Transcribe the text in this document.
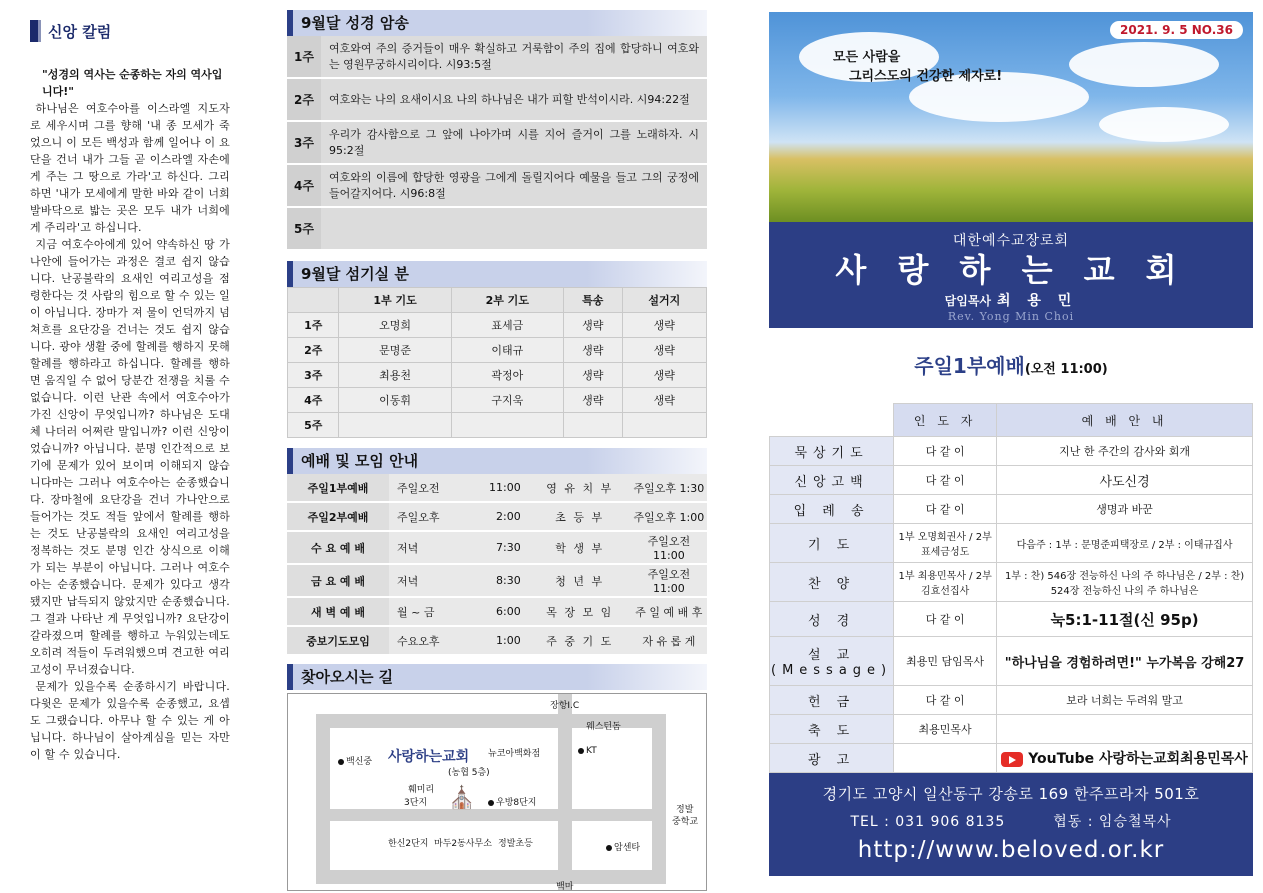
신앙 칼럼
"성경의 역사는 순종하는 자의 역사입니다!"

하나님은 여호수아를 이스라엘 지도자로 세우시며 그를 향해 '내 종 모세가 죽었으니 이 모든 백성과 함께 일어나 이 요단을 건너 내가 그들 곧 이스라엘 자손에게 주는 그 땅으로 가라'고 하신다. 그리하면 '내가 모세에게 말한 바와 같이 너희 발바닥으로 밟는 곳은 모두 내가 너희에게 주리라'고 하십니다.

지금 여호수아에게 있어 약속하신 땅 가나안에 들어가는 과정은 결코 쉽지 않습니다. 난공불락의 요새인 여리고성을 점령한다는 것 사람의 힘으로 할 수 있는 일이 아닙니다. 장마가 져 물이 언덕까지 넘쳐흐를 요단강을 건너는 것도 쉽지 않습니다. 광야 생활 중에 할례를 행하지 못해 할례를 행하라고 하십니다. 할례를 행하면 움직일 수 없어 당분간 전쟁을 치룰 수 없습니다. 이런 난관 속에서 여호수아가 가진 신앙이 무엇입니까? 하나님은 도대체 나더러 어쩌란 말입니까? 이런 신앙이었습니까? 아닙니다. 분명 인간적으로 보기에 문제가 있어 보이며 이해되지 않습니다마는 그러나 여호수아는 순종했습니다. 장마철에 요단강을 건너 가나안으로 들어가는 것도 적들 앞에서 할례를 행하는 것도 난공불락의 요새인 여리고성을 정복하는 것도 분명 인간 상식으로 이해가 되는 부분이 아닙니다. 그러나 여호수아는 순종했습니다. 문제가 있다고 생각됐지만 납득되지 않았지만 순종했습니다. 그 결과 나타난 게 무엇입니까? 요단강이 갈라졌으며 할례를 행하고 누워있는데도 오히려 적들이 두려워했으며 견고한 여리고성이 무너졌습니다.

문제가 있을수록 순종하시기 바랍니다. 다윗은 문제가 있을수록 순종했고, 요셉도 그랬습니다. 아무나 할 수 있는 게 아닙니다. 하나님이 살아계심을 믿는 자만이 할 수 있습니다.

9월달 성경 암송
1주	여호와여 주의 증거들이 매우 확실하고 거룩함이 주의 집에 합당하니 여호와는 영원무궁하시리이다. 시93:5절
2주	여호와는 나의 요새이시요 나의 하나님은 내가 피할 반석이시라. 시94:22절
3주	우리가 감사함으로 그 앞에 나아가며 시를 지어 즐거이 그를 노래하자. 시95:2절
4주	여호와의 이름에 합당한 영광을 그에게 돌릴지어다 예물을 들고 그의 궁정에 들어갈지어다. 시96:8절
5주	
9월달 섬기실 분
	1부 기도	2부 기도	특송	설거지
1주	오명희	표세금	생략	생략
2주	문명준	이태규	생략	생략
3주	최용천	곽정아	생략	생략
4주	이동휘	구지욱	생략	생략
5주				
예배 및 모임 안내
주일1부예배	주일오전	11:00	영 유 치 부	주일오후 1:30
주일2부예배	주일오후	2:00	초 등 부	주일오후 1:00
수 요 예 배	저녁	7:30	학 생 부	주일오전 11:00
금 요 예 배	저녁	8:30	청 년 부	주일오전 11:00
새 벽 예 배	월 ~ 금	6:00	목 장 모 임	주 일 예 배 후
중보기도모임	수요오후	1:00	주 중 기 도	자 유 롭 게
찾아오시는 길
장항I.C
웨스턴돔
백신중
뉴코아백화점	KT
사랑하는교회
(농협 5층)
훼미리
3단지 ⛪	우방8단지
정발
중학교
한신2단지 마두2동사무소 정발초등	암센타
백마
2021. 9. 5 NO.36
모든 사람을
그리스도의 건강한 제자로!
대한예수교장로회
사 랑 하 는 교 회
담임목사 최 용 민
Rev. Yong Min Choi
주일1부예배(오전 11:00)
	인 도 자	예 배 안 내
묵상기도	다 같 이	지난 한 주간의 감사와 회개
신앙고백	다 같 이	사도신경
입 례 송	다 같 이	생명과 바꾼
기 도	1부 오명희권사 / 2부 표세금성도	다음주 : 1부 : 문명준피택장로 / 2부 : 이태규집사
찬 양	1부 최용민목사 / 2부 김효선집사	1부 : 찬) 546장 전능하신 나의 주 하나님은 / 2부 : 찬) 524장 전능하신 나의 주 하나님은
성 경	다 같 이	눅5:1-11절(신 95p)
설 교 (Message)	최용민 담임목사	"하나님을 경험하려면!" 누가복음 강해27
헌 금	다 같 이	보라 너희는 두려워 말고
축 도	최용민목사	
광 고		YouTube 사랑하는교회최용민목사
경기도 고양시 일산동구 강송로 169 한주프라자 501호
TEL : 031 906 8135	협동 : 임승철목사
http://www.beloved.or.kr
